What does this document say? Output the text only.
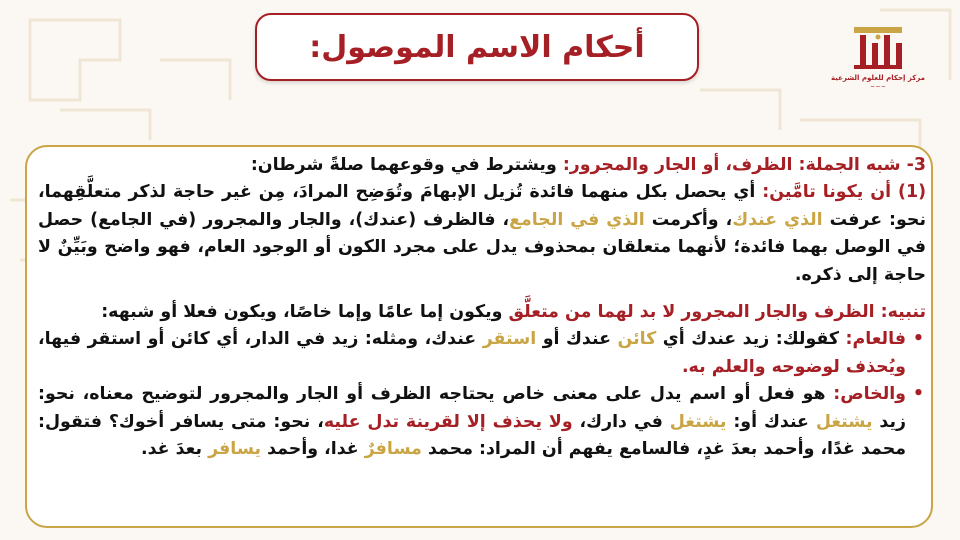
أحكام الاسم الموصول:
مركز إحكام للعلوم الشرعية
ــ ــ ــ

3- شبه الجملة: الظرف، أو الجار والمجرور: ويشترط في وقوعهما صلةً شرطان:

(1) أن يكونا تامَّين: أي يحصل بكل منهما فائدة تُزيل الإبهامَ وتُوَضِح المرادَ، مِن غير حاجة لذكر متعلَّقِهما، نحو: عرفت الذي عندك، وأكرمت الذي في الجامع، فالظرف (عندك)، والجار والمجرور (في الجامع) حصل في الوصل بهما فائدة؛ لأنهما متعلقان بمحذوف يدل على مجرد الكون أو الوجود العام، فهو واضح وبَيِّنٌ لا حاجة إلى ذكره.

تنبيه: الظرف والجار المجرور لا بد لهما من متعلَّق ويكون إما عامًا وإما خاصًا، ويكون فعلا أو شبهه:

• فالعام: كقولك: زيد عندك أي كائن عندك أو استقر عندك، ومثله: زيد في الدار، أي كائن أو استقر فيها، ويُحذف لوضوحه والعلم به.
• والخاص: هو فعل أو اسم يدل على معنى خاص يحتاجه الظرف أو الجار والمجرور لتوضيح معناه، نحو: زيد يشتغل عندك أو: يشتغل في دارك، ولا يحذف إلا لقرينة تدل عليه، نحو: متى يسافر أخوك؟ فتقول: محمد غدًا، وأحمد بعدَ غدٍ، فالسامع يفهم أن المراد: محمد مسافرٌ غدا، وأحمد يسافر بعدَ غد.
